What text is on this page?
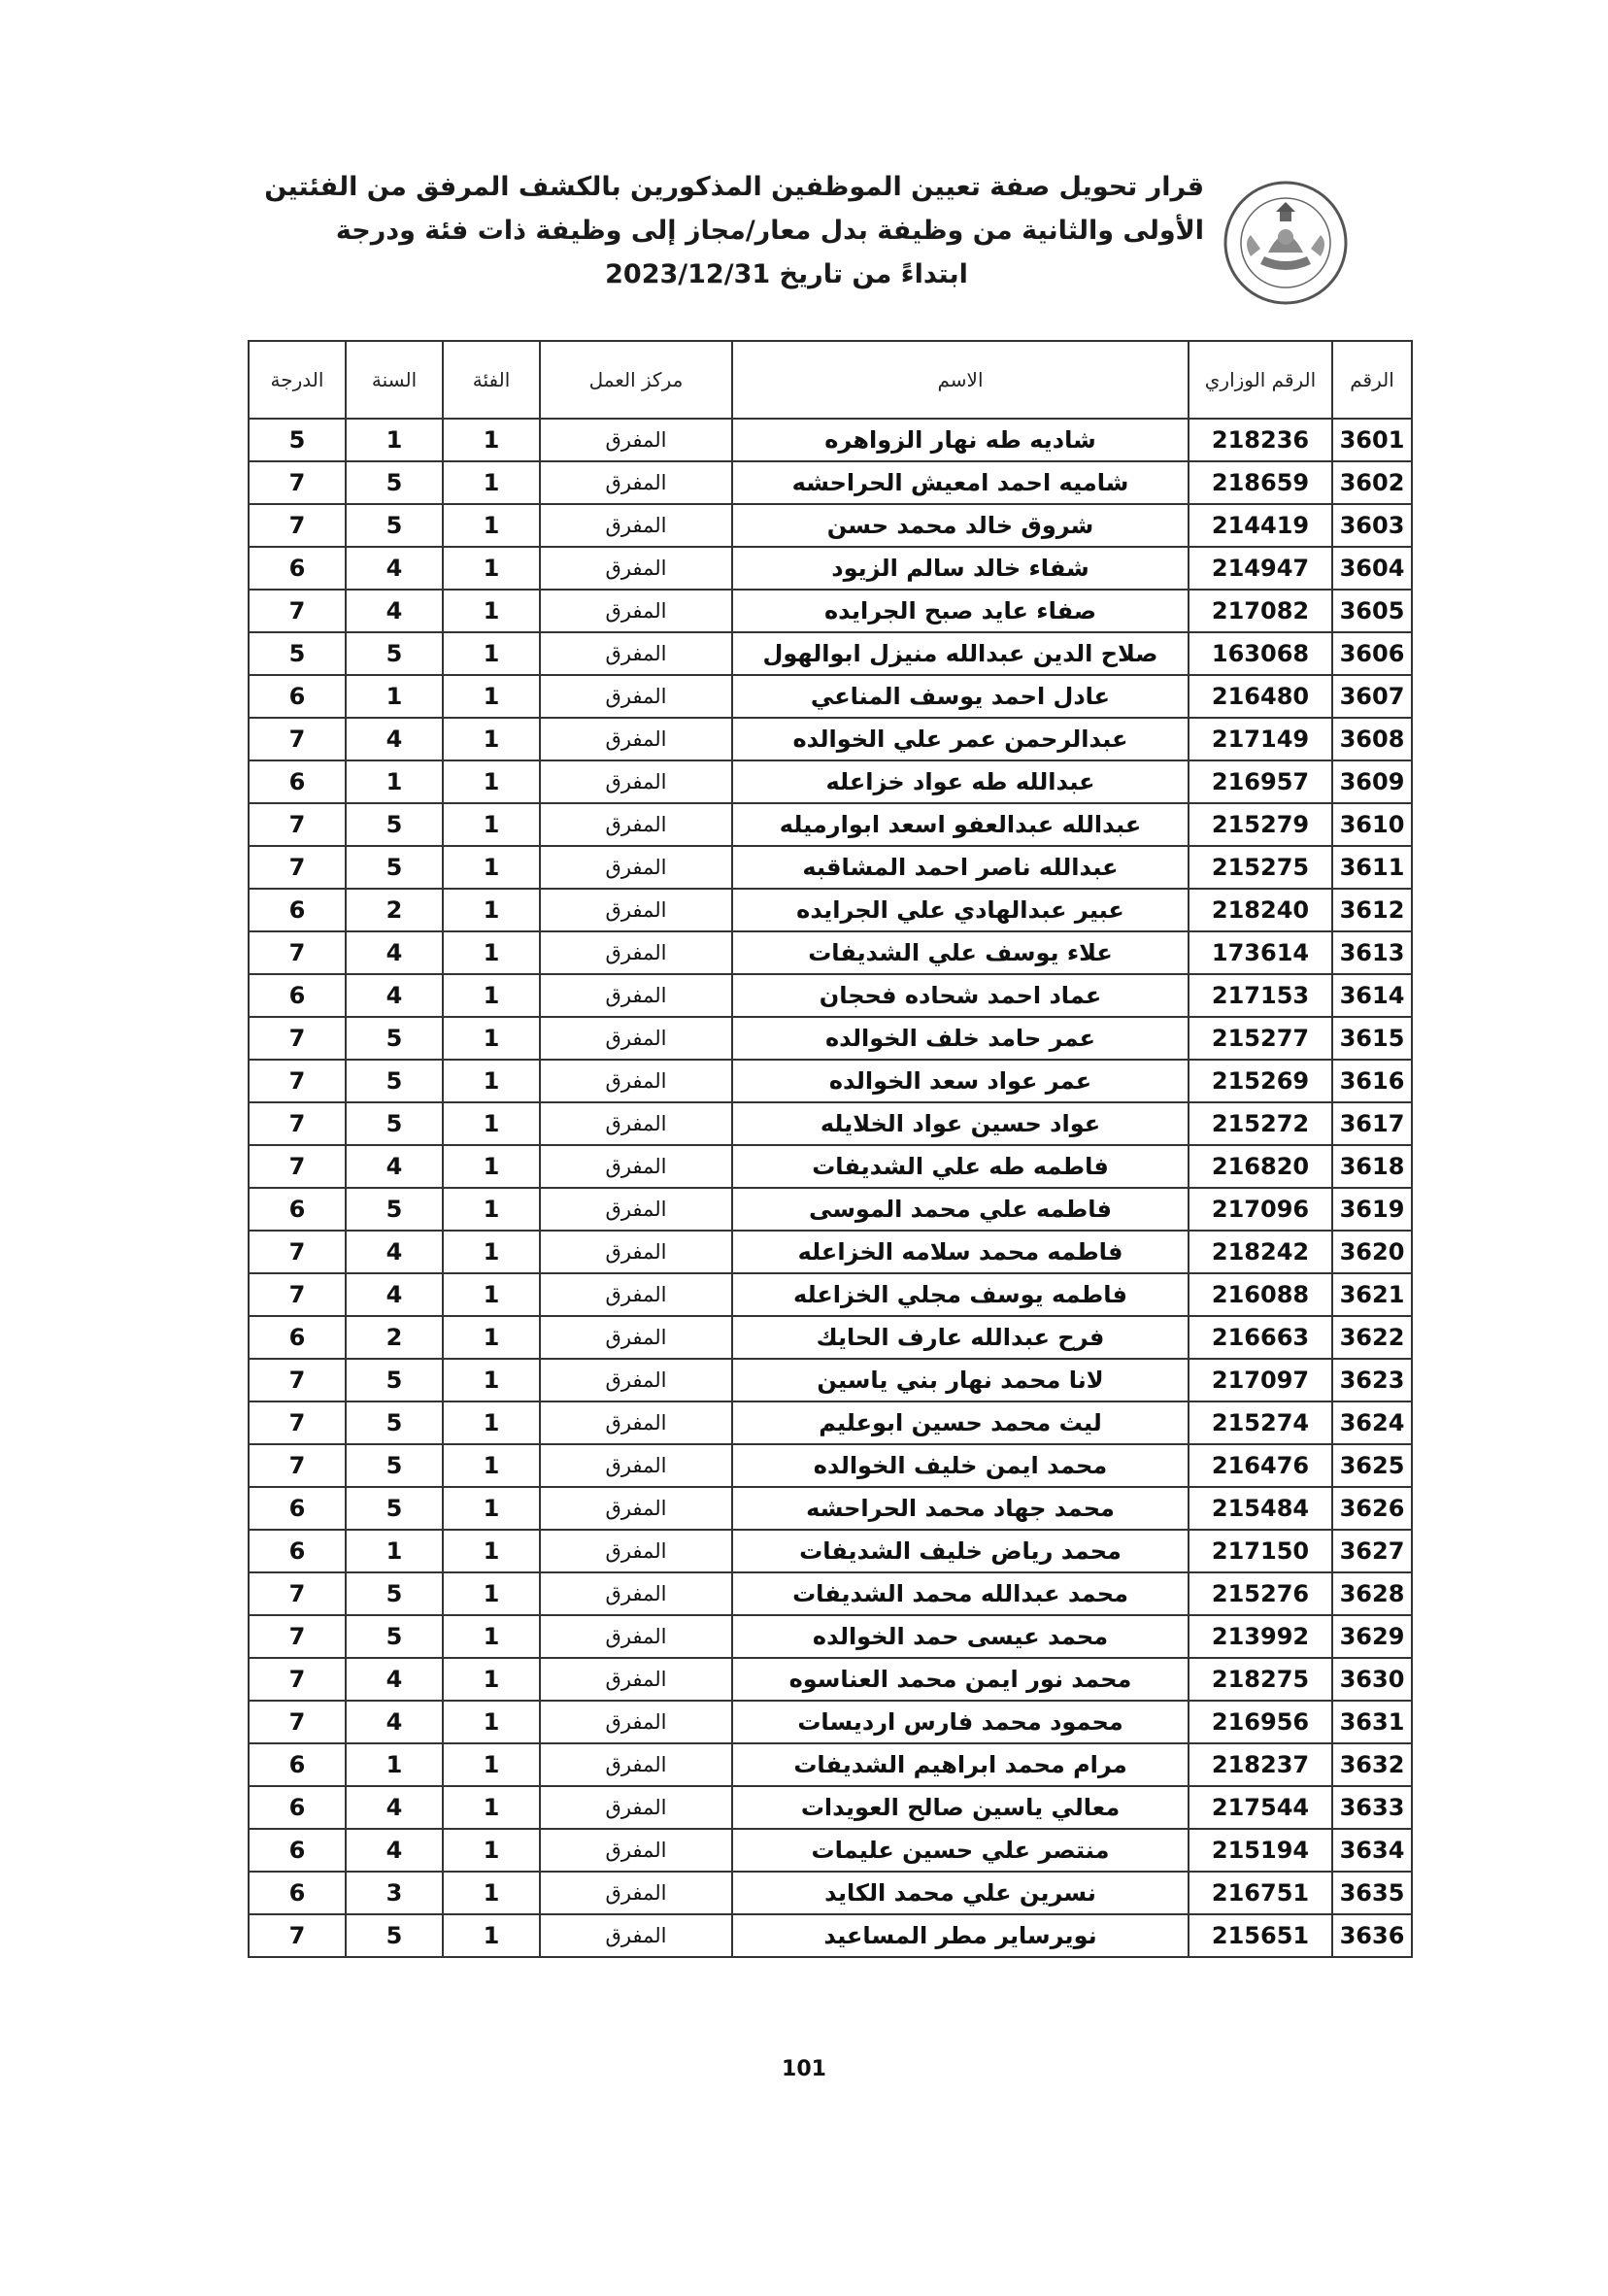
قرار تحويل صفة تعيين الموظفين المذكورين بالكشف المرفق من الفئتين
الأولى والثانية من وظيفة بدل معار/مجاز إلى وظيفة ذات فئة ودرجة
ابتداءً من تاريخ 2023/12/31
الرقم	الرقم الوزاري	الاسم	مركز العمل	الفئة	السنة	الدرجة
3601	218236	شاديه طه نهار الزواهره	المفرق	1	1	5
3602	218659	شاميه احمد امعيش الحراحشه	المفرق	1	5	7
3603	214419	شروق خالد محمد حسن	المفرق	1	5	7
3604	214947	شفاء خالد سالم الزيود	المفرق	1	4	6
3605	217082	صفاء عايد صبح الجرايده	المفرق	1	4	7
3606	163068	صلاح الدين عبدالله منيزل ابوالهول	المفرق	1	5	5
3607	216480	عادل احمد يوسف المناعي	المفرق	1	1	6
3608	217149	عبدالرحمن عمر علي الخوالده	المفرق	1	4	7
3609	216957	عبدالله طه عواد خزاعله	المفرق	1	1	6
3610	215279	عبدالله عبدالعفو اسعد ابوارميله	المفرق	1	5	7
3611	215275	عبدالله ناصر احمد المشاقبه	المفرق	1	5	7
3612	218240	عبير عبدالهادي علي الجرايده	المفرق	1	2	6
3613	173614	علاء يوسف علي الشديفات	المفرق	1	4	7
3614	217153	عماد احمد شحاده فحجان	المفرق	1	4	6
3615	215277	عمر حامد خلف الخوالده	المفرق	1	5	7
3616	215269	عمر عواد سعد الخوالده	المفرق	1	5	7
3617	215272	عواد حسين عواد الخلايله	المفرق	1	5	7
3618	216820	فاطمه طه علي الشديفات	المفرق	1	4	7
3619	217096	فاطمه علي محمد الموسى	المفرق	1	5	6
3620	218242	فاطمه محمد سلامه الخزاعله	المفرق	1	4	7
3621	216088	فاطمه يوسف مجلي الخزاعله	المفرق	1	4	7
3622	216663	فرح عبدالله عارف الحايك	المفرق	1	2	6
3623	217097	لانا محمد نهار بني ياسين	المفرق	1	5	7
3624	215274	ليث محمد حسين ابوعليم	المفرق	1	5	7
3625	216476	محمد ايمن خليف الخوالده	المفرق	1	5	7
3626	215484	محمد جهاد محمد الحراحشه	المفرق	1	5	6
3627	217150	محمد رياض خليف الشديفات	المفرق	1	1	6
3628	215276	محمد عبدالله محمد الشديفات	المفرق	1	5	7
3629	213992	محمد عيسى حمد الخوالده	المفرق	1	5	7
3630	218275	محمد نور ايمن محمد العناسوه	المفرق	1	4	7
3631	216956	محمود محمد فارس ارديسات	المفرق	1	4	7
3632	218237	مرام محمد ابراهيم الشديفات	المفرق	1	1	6
3633	217544	معالي ياسين صالح العويدات	المفرق	1	4	6
3634	215194	منتصر علي حسين عليمات	المفرق	1	4	6
3635	216751	نسرين علي محمد الكايد	المفرق	1	3	6
3636	215651	نويرساير مطر المساعيد	المفرق	1	5	7
101
